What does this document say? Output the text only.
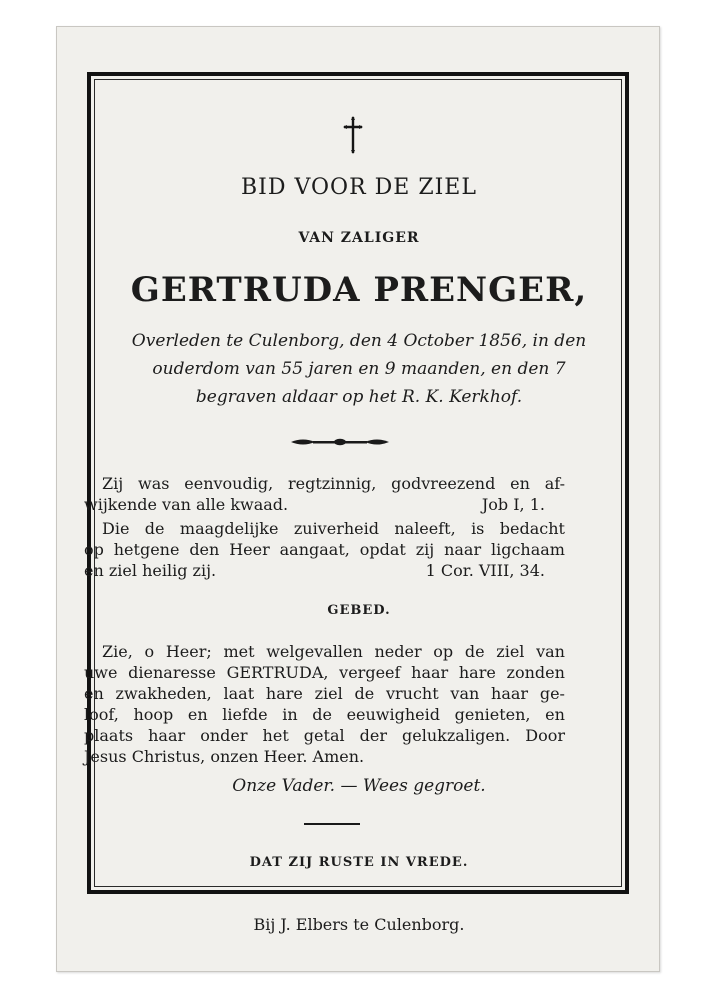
BID VOOR DE ZIEL
VAN ZALIGER
GERTRUDA PRENGER,
Overleden te Culenborg, den 4 October 1856, in den
ouderdom van 55 jaren en 9 maanden, en den 7
begraven aldaar op het R. K. Kerkhof.
Zij was eenvoudig, regtzinnig, godvreezend en af-
wijkende van alle kwaad.	Job I, 1.
Die de maagdelijke zuiverheid naleeft, is bedacht
op hetgene den Heer aangaat, opdat zij naar ligchaam
en ziel heilig zij.	1 Cor. VIII, 34.
GEBED.
Zie, o Heer; met welgevallen neder op de ziel van
uwe dienaresse GERTRUDA, vergeef haar hare zonden
en zwakheden, laat hare ziel de vrucht van haar ge-
loof, hoop en liefde in de eeuwigheid genieten, en
plaats haar onder het getal der gelukzaligen. Door
Jesus Christus, onzen Heer. Amen.
Onze Vader. — Wees gegroet.
DAT ZIJ RUSTE IN VREDE.
Bij J. Elbers te Culenborg.
